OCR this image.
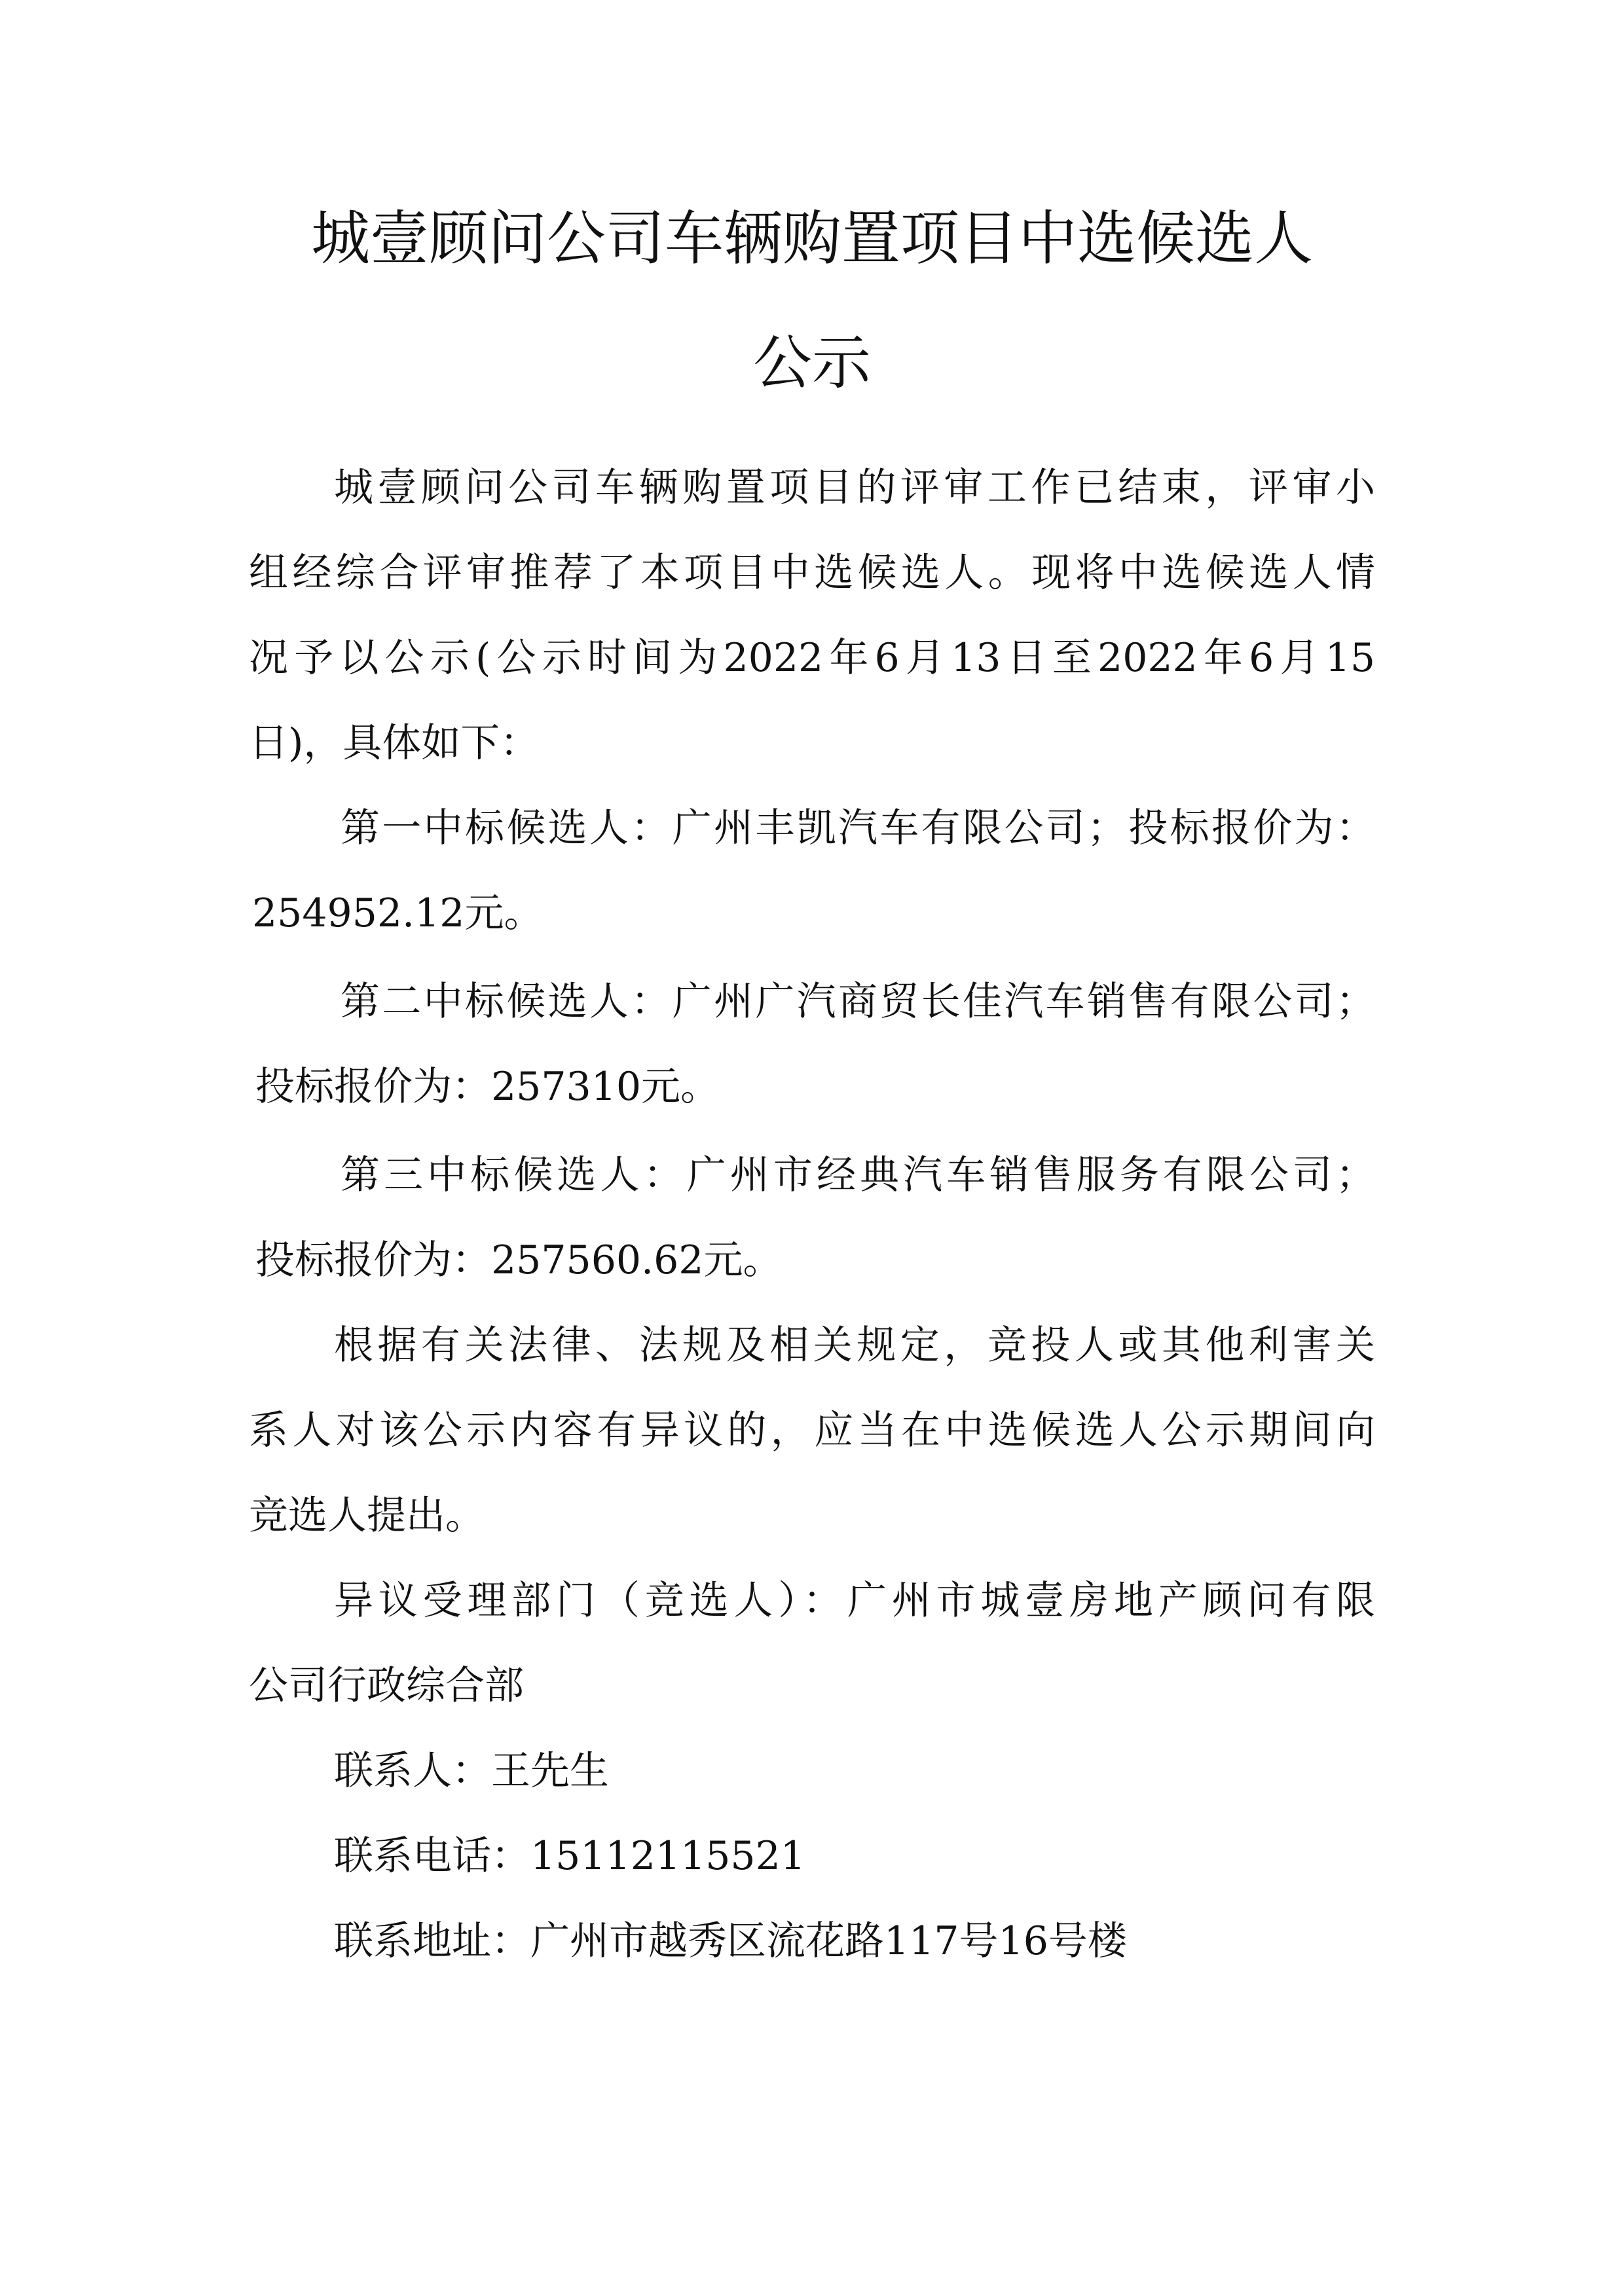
城壹顾问公司车辆购置项目中选候选人
公示
城壹顾问公司车辆购置项目的评审工作已结束，评审小
组经综合评审推荐了本项目中选候选人。现将中选候选人情
况予以公示(公示时间为2022年6月13日至2022年6月15
日)，具体如下：
第一中标候选人：广州丰凯汽车有限公司；投标报价为：
254952.12元。
第二中标候选人：广州广汽商贸长佳汽车销售有限公司；
投标报价为：257310元。
第三中标候选人：广州市经典汽车销售服务有限公司；
投标报价为：257560.62元。
根据有关法律、法规及相关规定，竞投人或其他利害关
系人对该公示内容有异议的，应当在中选候选人公示期间向
竞选人提出。
异议受理部门（竞选人）：广州市城壹房地产顾问有限
公司行政综合部
联系人：王先生
联系电话：15112115521
联系地址：广州市越秀区流花路117号16号楼
